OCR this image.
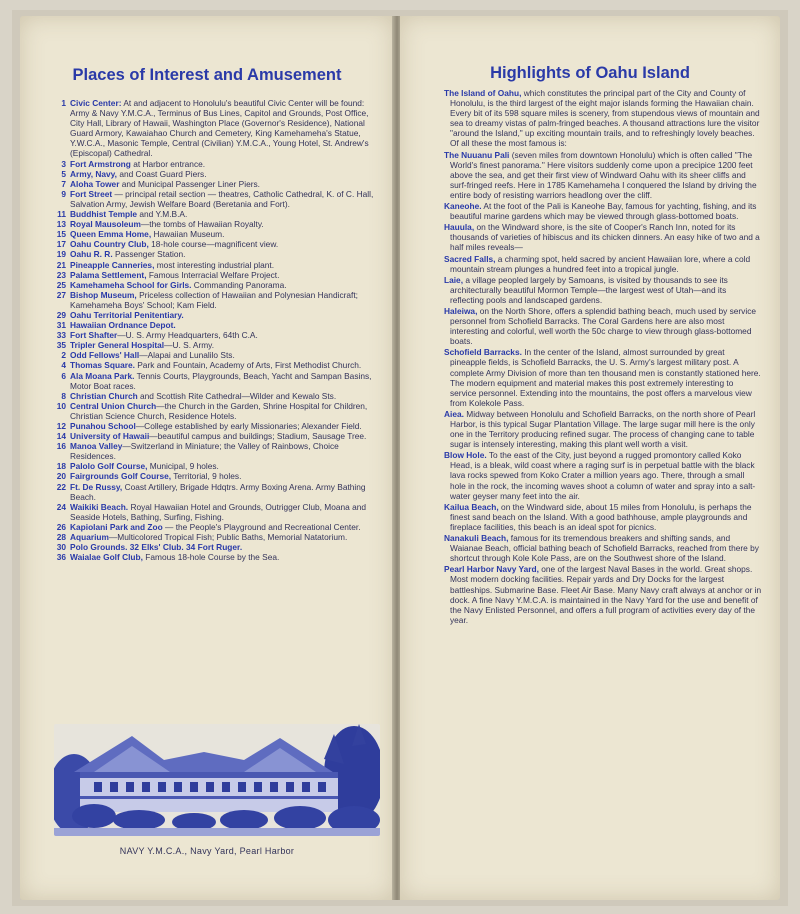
Places of Interest and Amusement
1 Civic Center: At and adjacent to Honolulu's beautiful Civic Center will be found: Army & Navy Y.M.C.A., Terminus of Bus Lines, Capitol and Grounds, Post Office, City Hall, Library of Hawaii, Washington Place (Governor's Residence), National Guard Armory, Kawaiahao Church and Cemetery, King Kamehameha's Statue, Y.W.C.A., Masonic Temple, Central (Civilian) Y.M.C.A., Young Hotel, St. Andrew's (Episcopal) Cathedral.
3 Fort Armstrong at Harbor entrance.
5 Army, Navy, and Coast Guard Piers.
7 Aloha Tower and Municipal Passenger Liner Piers.
9 Fort Street — principal retail section — theatres, Catholic Cathedral, K. of C. Hall, Salvation Army, Jewish Welfare Board (Beretania and Fort).
11 Buddhist Temple and Y.M.B.A.
13 Royal Mausoleum—the tombs of Hawaiian Royalty.
15 Queen Emma Home, Hawaiian Museum.
17 Oahu Country Club, 18-hole course—magnificent view.
19 Oahu R. R. Passenger Station.
21 Pineapple Canneries, most interesting industrial plant.
23 Palama Settlement, Famous Interracial Welfare Project.
25 Kamehameha School for Girls. Commanding Panorama.
27 Bishop Museum, Priceless collection of Hawaiian and Polynesian Handicraft; Kamehameha Boys' School; Kam Field.
29 Oahu Territorial Penitentiary.
31 Hawaiian Ordnance Depot.
33 Fort Shafter—U. S. Army Headquarters, 64th C.A.
35 Tripler General Hospital—U. S. Army.
2 Odd Fellows' Hall—Alapai and Lunalilo Sts.
4 Thomas Square. Park and Fountain, Academy of Arts, First Methodist Church.
6 Ala Moana Park. Tennis Courts, Playgrounds, Beach, Yacht and Sampan Basins, Motor Boat races.
8 Christian Church and Scottish Rite Cathedral—Wilder and Kewalo Sts.
10 Central Union Church—the Church in the Garden, Shrine Hospital for Children, Christian Science Church, Residence Hotels.
12 Punahou School—College established by early Missionaries; Alexander Field.
14 University of Hawaii—beautiful campus and buildings; Stadium, Sausage Tree.
16 Manoa Valley—Switzerland in Miniature; the Valley of Rainbows, Choice Residences.
18 Palolo Golf Course, Municipal, 9 holes.
20 Fairgrounds Golf Course, Territorial, 9 holes.
22 Ft. De Russy, Coast Artillery, Brigade Hdqtrs. Army Boxing Arena. Army Bathing Beach.
24 Waikiki Beach. Royal Hawaiian Hotel and Grounds, Outrigger Club, Moana and Seaside Hotels, Bathing, Surfing, Fishing.
26 Kapiolani Park and Zoo — the People's Playground and Recreational Center.
28 Aquarium—Multicolored Tropical Fish; Public Baths, Memorial Natatorium.
30 Polo Grounds. 32 Elks' Club. 34 Fort Ruger.
36 Waialae Golf Club, Famous 18-hole Course by the Sea.
NAVY Y.M.C.A., Navy Yard, Pearl Harbor
Highlights of Oahu Island

The Island of Oahu, which constitutes the principal part of the City and County of Honolulu, is the third largest of the eight major islands forming the Hawaiian chain. Every bit of its 598 square miles is scenery, from stupendous views of mountain and sea to dreamy vistas of palm-fringed beaches. A thousand attractions lure the visitor "around the Island," up exciting mountain trails, and to refreshingly lovely beaches. Of all these the most famous is:

The Nuuanu Pali (seven miles from downtown Honolulu) which is often called "The World's finest panorama." Here visitors suddenly come upon a precipice 1200 feet above the sea, and get their first view of Windward Oahu with its sheer cliffs and surf-fringed reefs. Here in 1785 Kamehameha I conquered the Island by driving the entire body of resisting warriors headlong over the cliff.

Kaneohe. At the foot of the Pali is Kaneohe Bay, famous for yachting, fishing, and its beautiful marine gardens which may be viewed through glass-bottomed boats.

Hauula, on the Windward shore, is the site of Cooper's Ranch Inn, noted for its thousands of varieties of hibiscus and its chicken dinners. An easy hike of two and a half miles reveals—

Sacred Falls, a charming spot, held sacred by ancient Hawaiian lore, where a cold mountain stream plunges a hundred feet into a tropical jungle.

Laie, a village peopled largely by Samoans, is visited by thousands to see its architecturally beautiful Mormon Temple—the largest west of Utah—and its reflecting pools and landscaped gardens.

Haleiwa, on the North Shore, offers a splendid bathing beach, much used by service personnel from Schofield Barracks. The Coral Gardens here are also most interesting and colorful, well worth the 50c charge to view through glass-bottomed boats.

Schofield Barracks. In the center of the Island, almost surrounded by great pineapple fields, is Schofield Barracks, the U. S. Army's largest military post. A complete Army Division of more than ten thousand men is constantly stationed here. The modern equipment and material makes this post extremely interesting to service personnel. Extending into the mountains, the post offers a marvelous view from Kolekole Pass.

Aiea. Midway between Honolulu and Schofield Barracks, on the north shore of Pearl Harbor, is this typical Sugar Plantation Village. The large sugar mill here is the only one in the Territory producing refined sugar. The process of changing cane to table sugar is intensely interesting, making this plant well worth a visit.

Blow Hole. To the east of the City, just beyond a rugged promontory called Koko Head, is a bleak, wild coast where a raging surf is in perpetual battle with the black lava rocks spewed from Koko Crater a million years ago. There, through a small hole in the rock, the incoming waves shoot a column of water and spray into a salt-water geyser many feet into the air.

Kailua Beach, on the Windward side, about 15 miles from Honolulu, is perhaps the finest sand beach on the Island. With a good bathhouse, ample playgrounds and fireplace facilities, this beach is an ideal spot for picnics.

Nanakuli Beach, famous for its tremendous breakers and shifting sands, and Waianae Beach, official bathing beach of Schofield Barracks, reached from there by shortcut through Kole Kole Pass, are on the Southwest shore of the Island.

Pearl Harbor Navy Yard, one of the largest Naval Bases in the world. Great shops. Most modern docking facilities. Repair yards and Dry Docks for the largest battleships. Submarine Base. Fleet Air Base. Many Navy craft always at anchor or in dock. A fine Navy Y.M.C.A. is maintained in the Navy Yard for the use and benefit of the Navy Enlisted Personnel, and offers a full program of activities every day of the year.
